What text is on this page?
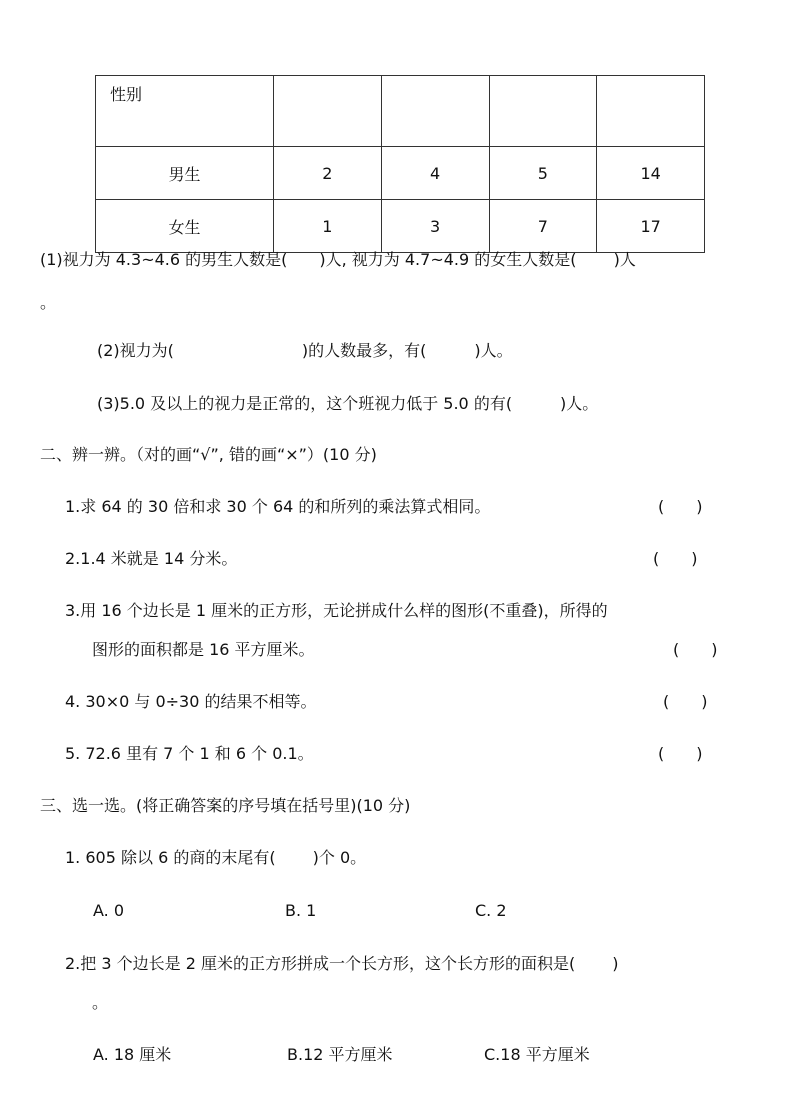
性别				
男生	2	4	5	14
女生	1	3	7	17
(1)视力为 4.3~4.6 的男生人数是(　　)人, 视力为 4.7~4.9 的女生人数是(　　 )人
。
(2)视力为(　　　　　　　　)的人数最多，有(　　　)人。
(3)5.0 及以上的视力是正常的，这个班视力低于 5.0 的有(　　　)人。
二、辨一辨。（对的画“√”, 错的画“×”）(10 分)
1.求 64 的 30 倍和求 30 个 64 的和所列的乘法算式相同。	(　　)
2.1.4 米就是 14 分米。	(　　)
3.用 16 个边长是 1 厘米的正方形，无论拼成什么样的图形(不重叠)，所得的
图形的面积都是 16 平方厘米。	(　　)
4. 30×0 与 0÷30 的结果不相等。	(　　)
5. 72.6 里有 7 个 1 和 6 个 0.1。	(　　)
三、选一选。(将正确答案的序号填在括号里)(10 分)
1. 605 除以 6 的商的末尾有(　　 )个 0。
A. 0	B. 1	C. 2
2.把 3 个边长是 2 厘米的正方形拼成一个长方形，这个长方形的面积是(　　 )
。
A. 18 厘米	B.12 平方厘米	C.18 平方厘米
